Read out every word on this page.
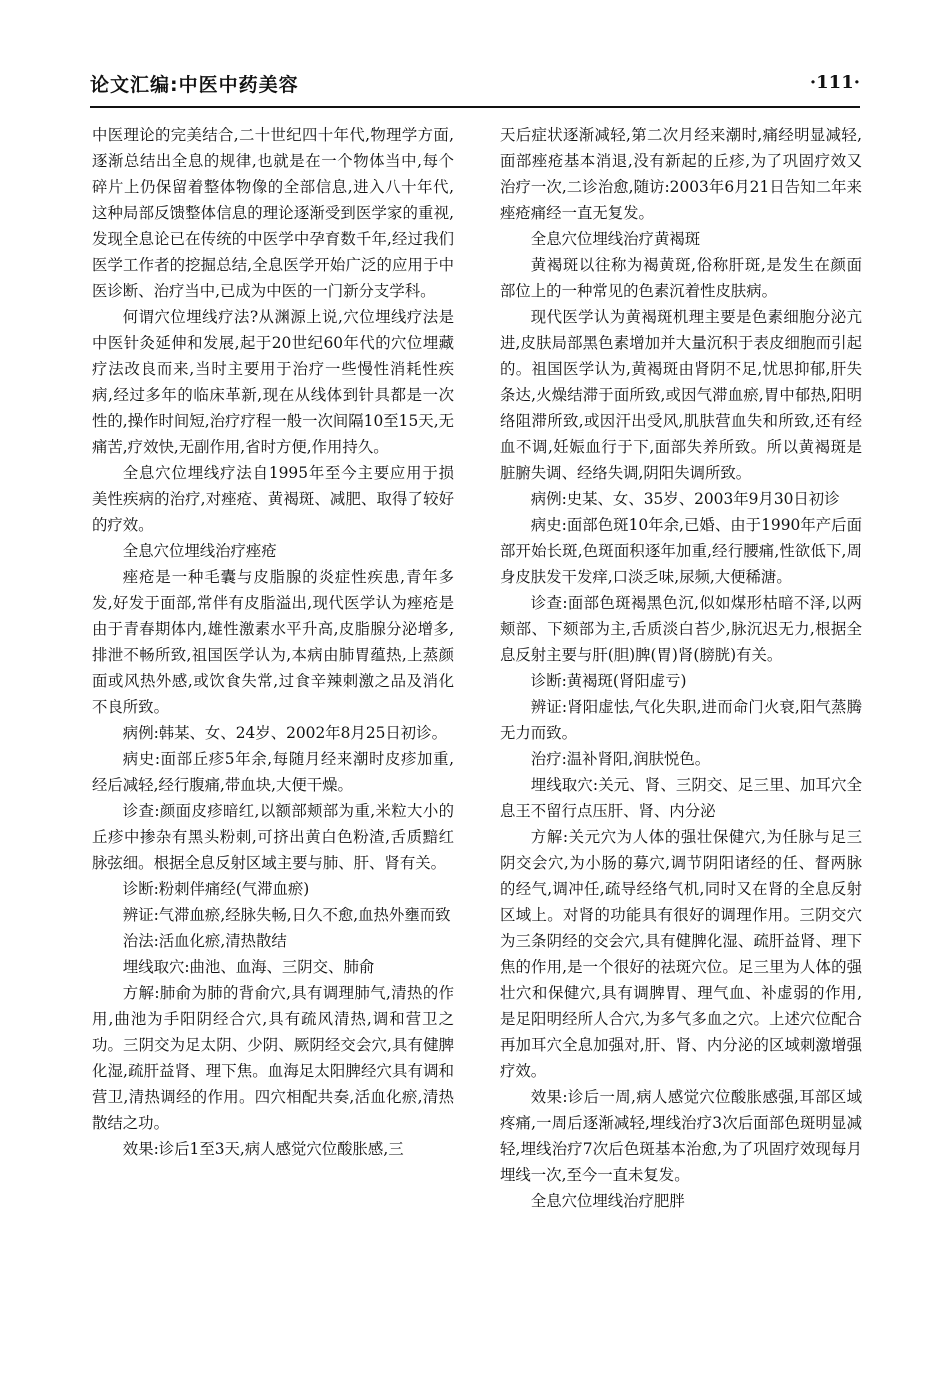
论文汇编:中医中药美容	·111·

中医理论的完美结合,二十世纪四十年代,物理学方面,逐渐总结出全息的规律,也就是在一个物体当中,每个碎片上仍保留着整体物像的全部信息,进入八十年代,这种局部反馈整体信息的理论逐渐受到医学家的重视,发现全息论已在传统的中医学中孕育数千年,经过我们医学工作者的挖掘总结,全息医学开始广泛的应用于中医诊断、治疗当中,已成为中医的一门新分支学科。

何谓穴位埋线疗法?从渊源上说,穴位埋线疗法是中医针灸延伸和发展,起于20世纪60年代的穴位埋藏疗法改良而来,当时主要用于治疗一些慢性消耗性疾病,经过多年的临床革新,现在从线体到针具都是一次性的,操作时间短,治疗疗程一般一次间隔10至15天,无痛苦,疗效快,无副作用,省时方便,作用持久。

全息穴位埋线疗法自1995年至今主要应用于损美性疾病的治疗,对痤疮、黄褐斑、减肥、取得了较好的疗效。

全息穴位埋线治疗痤疮

痤疮是一种毛囊与皮脂腺的炎症性疾患,青年多发,好发于面部,常伴有皮脂溢出,现代医学认为痤疮是由于青春期体内,雄性激素水平升高,皮脂腺分泌增多,排泄不畅所致,祖国医学认为,本病由肺胃蕴热,上蒸颜面或风热外感,或饮食失常,过食辛辣刺激之品及消化不良所致。

病例:韩某、女、24岁、2002年8月25日初诊。

病史:面部丘疹5年余,每随月经来潮时皮疹加重,经后减轻,经行腹痛,带血块,大便干燥。

诊查:颜面皮疹暗红,以额部颊部为重,米粒大小的丘疹中掺杂有黑头粉刺,可挤出黄白色粉渣,舌质黯红脉弦细。根据全息反射区域主要与肺、肝、肾有关。

诊断:粉刺伴痛经(气滞血瘀)

辨证:气滞血瘀,经脉失畅,日久不愈,血热外壅而致

治法:活血化瘀,清热散结

埋线取穴:曲池、血海、三阴交、肺俞

方解:肺俞为肺的背俞穴,具有调理肺气,清热的作用,曲池为手阳阴经合穴,具有疏风清热,调和营卫之功。三阴交为足太阴、少阴、厥阴经交会穴,具有健脾化湿,疏肝益肾、理下焦。血海足太阳脾经穴具有调和营卫,清热调经的作用。四穴相配共奏,活血化瘀,清热散结之功。

效果:诊后1至3天,病人感觉穴位酸胀感,三

天后症状逐渐减轻,第二次月经来潮时,痛经明显减轻,面部痤疮基本消退,没有新起的丘疹,为了巩固疗效又治疗一次,二诊治愈,随访:2003年6月21日告知二年来痤疮痛经一直无复发。

全息穴位埋线治疗黄褐斑

黄褐斑以往称为褐黄斑,俗称肝斑,是发生在颜面部位上的一种常见的色素沉着性皮肤病。

现代医学认为黄褐斑机理主要是色素细胞分泌亢进,皮肤局部黑色素增加并大量沉积于表皮细胞而引起的。祖国医学认为,黄褐斑由肾阴不足,忧思抑郁,肝失条达,火燥结滞于面所致,或因气滞血瘀,胃中郁热,阳明络阻滞所致,或因汗出受风,肌肤营血失和所致,还有经血不调,妊娠血行于下,面部失养所致。所以黄褐斑是脏腑失调、经络失调,阴阳失调所致。

病例:史某、女、35岁、2003年9月30日初诊

病史:面部色斑10年余,已婚、由于1990年产后面部开始长斑,色斑面积逐年加重,经行腰痛,性欲低下,周身皮肤发干发痒,口淡乏味,尿频,大便稀溏。

诊查:面部色斑褐黑色沉,似如煤形枯暗不泽,以两颊部、下颏部为主,舌质淡白苔少,脉沉迟无力,根据全息反射主要与肝(胆)脾(胃)肾(膀胱)有关。

诊断:黄褐斑(肾阳虚亏)

辨证:肾阳虚怯,气化失职,进而命门火衰,阳气蒸腾无力而致。

治疗:温补肾阳,润肤悦色。

埋线取穴:关元、肾、三阴交、足三里、加耳穴全息王不留行点压肝、肾、内分泌

方解:关元穴为人体的强壮保健穴,为任脉与足三阴交会穴,为小肠的募穴,调节阴阳诸经的任、督两脉的经气,调冲任,疏导经络气机,同时又在肾的全息反射区域上。对肾的功能具有很好的调理作用。三阴交穴为三条阴经的交会穴,具有健脾化湿、疏肝益肾、理下焦的作用,是一个很好的祛斑穴位。足三里为人体的强壮穴和保健穴,具有调脾胃、理气血、补虚弱的作用,是足阳明经所人合穴,为多气多血之穴。上述穴位配合再加耳穴全息加强对,肝、肾、内分泌的区域刺激增强疗效。

效果:诊后一周,病人感觉穴位酸胀感强,耳部区域疼痛,一周后逐渐减轻,埋线治疗3次后面部色斑明显减轻,埋线治疗7次后色斑基本治愈,为了巩固疗效现每月埋线一次,至今一直未复发。

全息穴位埋线治疗肥胖
